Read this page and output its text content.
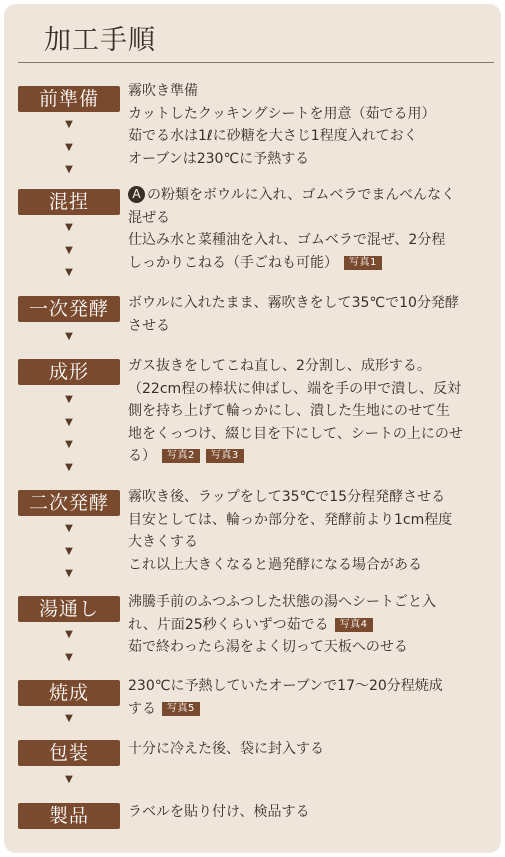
加工手順
前準備
▼
▼
▼
霧吹き準備
カットしたクッキングシートを用意（茹でる用）
茹でる水は1ℓに砂糖を大さじ1程度入れておく
オーブンは230℃に予熱する
混捏
▼
▼
▼
A の粉類をボウルに入れ、ゴムベラでまんべんなく
混ぜる
仕込み水と菜種油を入れ、ゴムベラで混ぜ、2分程
しっかりこねる（手ごねも可能） 写真1
一次発酵
▼
ボウルに入れたまま、霧吹きをして35℃で10分発酵
させる
成形
▼
▼
▼
▼
ガス抜きをしてこね直し、2分割し、成形する。
（22cm程の棒状に伸ばし、端を手の甲で潰し、反対
側を持ち上げて輪っかにし、潰した生地にのせて生
地をくっつけ、綴じ目を下にして、シートの上にのせ
る） 写真2 写真3
二次発酵
▼
▼
▼
霧吹き後、ラップをして35℃で15分程発酵させる
目安としては、輪っか部分を、発酵前より1cm程度
大きくする
これ以上大きくなると過発酵になる場合がある
湯通し
▼
▼
沸騰手前のふつふつした状態の湯へシートごと入
れ、片面25秒くらいずつ茹でる 写真4
茹で終わったら湯をよく切って天板へのせる
焼成
▼
230℃に予熱していたオーブンで17～20分程焼成
する 写真5
包装
▼
十分に冷えた後、袋に封入する
製品	ラベルを貼り付け、検品する
